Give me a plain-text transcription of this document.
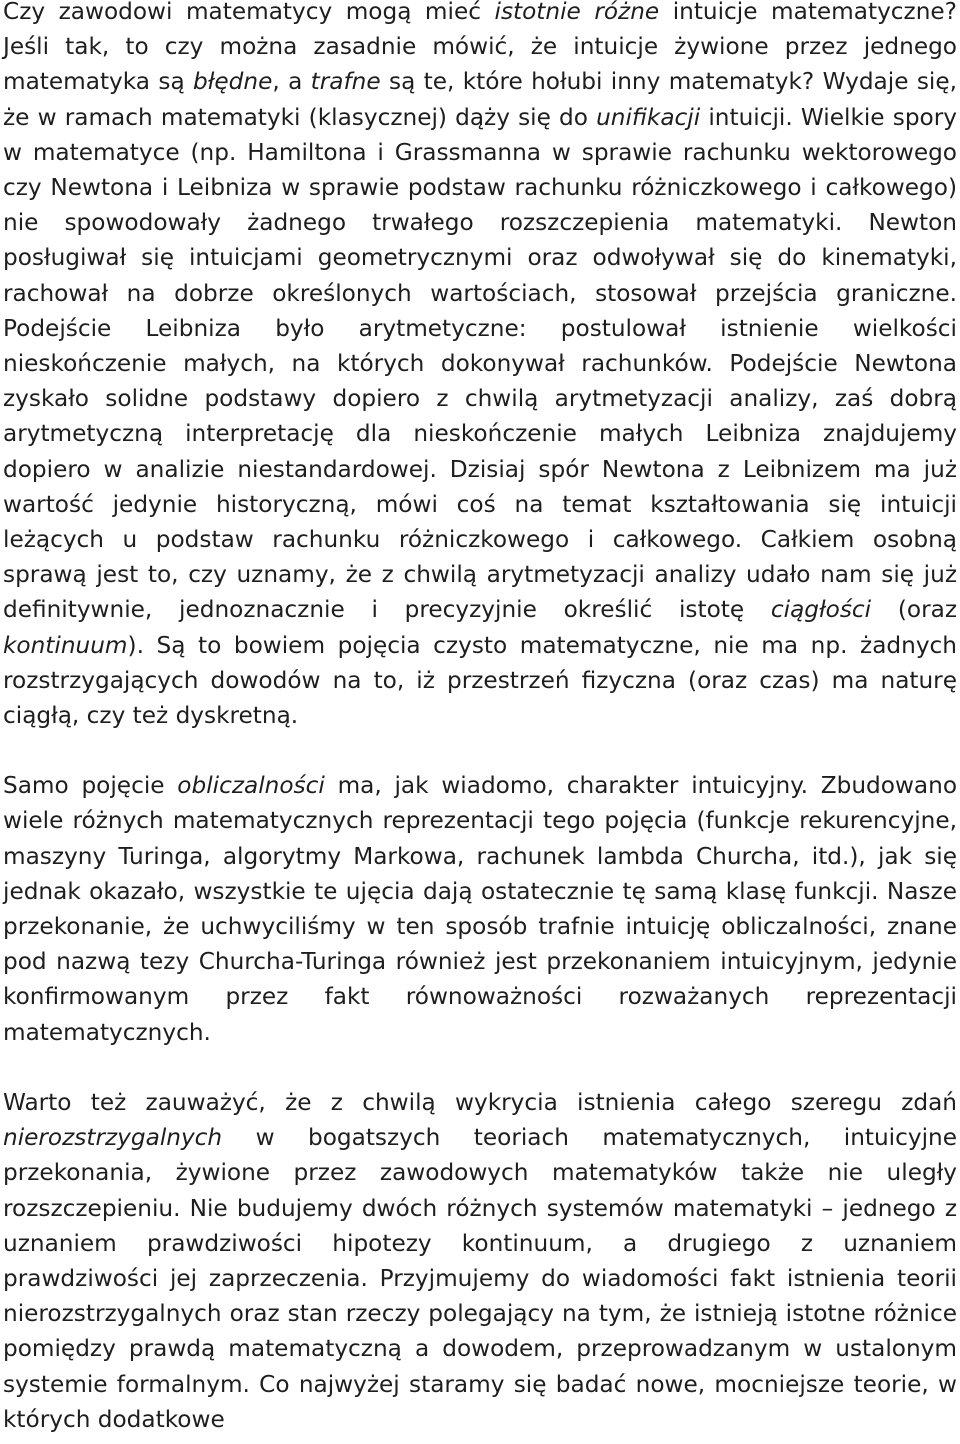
Czy zawodowi matematycy mogą mieć istotnie różne intuicje matematyczne? Jeśli tak, to czy można zasadnie mówić, że intuicje żywione przez jednego matematyka są błędne, a trafne są te, które hołubi inny matematyk? Wydaje się, że w ramach matematyki (klasycznej) dąży się do unifikacji intuicji. Wielkie spory w matematyce (np. Hamiltona i Grassmanna w sprawie rachunku wektorowego czy Newtona i Leibniza w sprawie podstaw rachunku różniczkowego i całkowego) nie spowodowały żadnego trwałego rozszczepienia matematyki. Newton posługiwał się intuicjami geometrycznymi oraz odwoływał się do kinematyki, rachował na dobrze określonych wartościach, stosował przejścia graniczne. Podejście Leibniza było arytmetyczne: postulował istnienie wielkości nieskończenie małych, na których dokonywał rachunków. Podejście Newtona zyskało solidne podstawy dopiero z chwilą arytmetyzacji analizy, zaś dobrą arytmetyczną interpretację dla nieskończenie małych Leibniza znajdujemy dopiero w analizie niestandardowej. Dzisiaj spór Newtona z Leibnizem ma już wartość jedynie historyczną, mówi coś na temat kształtowania się intuicji leżących u podstaw rachunku różniczkowego i całkowego. Całkiem osobną sprawą jest to, czy uznamy, że z chwilą arytmetyzacji analizy udało nam się już definitywnie, jednoznacznie i precyzyjnie określić istotę ciągłości (oraz kontinuum). Są to bowiem pojęcia czysto matematyczne, nie ma np. żadnych rozstrzygających dowodów na to, iż przestrzeń fizyczna (oraz czas) ma naturę ciągłą, czy też dyskretną.

Samo pojęcie obliczalności ma, jak wiadomo, charakter intuicyjny. Zbudowano wiele różnych matematycznych reprezentacji tego pojęcia (funkcje rekurencyjne, maszyny Turinga, algorytmy Markowa, rachunek lambda Churcha, itd.), jak się jednak okazało, wszystkie te ujęcia dają ostatecznie tę samą klasę funkcji. Nasze przekonanie, że uchwyciliśmy w ten sposób trafnie intuicję obliczalności, znane pod nazwą tezy Churcha-Turinga również jest przekonaniem intuicyjnym, jedynie konfirmowanym przez fakt równoważności rozważanych reprezentacji matematycznych.

Warto też zauważyć, że z chwilą wykrycia istnienia całego szeregu zdań nierozstrzygalnych w bogatszych teoriach matematycznych, intuicyjne przekonania, żywione przez zawodowych matematyków także nie uległy rozszczepieniu. Nie budujemy dwóch różnych systemów matematyki – jednego z uznaniem prawdziwości hipotezy kontinuum, a drugiego z uznaniem prawdziwości jej zaprzeczenia. Przyjmujemy do wiadomości fakt istnienia teorii nierozstrzygalnych oraz stan rzeczy polegający na tym, że istnieją istotne różnice pomiędzy prawdą matematyczną a dowodem, przeprowadzanym w ustalonym systemie formalnym. Co najwyżej staramy się badać nowe, mocniejsze teorie, w których dodatkowe
